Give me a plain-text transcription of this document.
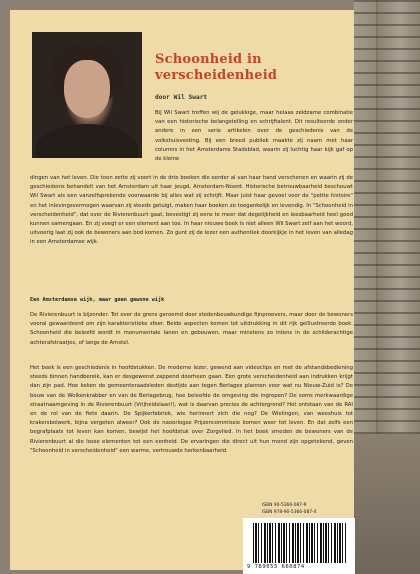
Schoonheid in
verscheidenheid
door Wil Swart

Bij Wil Swart treffen wij de gelukkige, maar helaas zeldzame combinatie van een historische belangstelling en schrijftalent. Dit resulteerde onder andere in een serie artikelen over de geschiedenis van de volkshuisvesting. Bij een breed publiek maakte zij naam met haar columns in het Amsterdams Stadsblad, waarin zij luchtig haar kijk gaf op de kleine

dingen van het leven. Die toon zette zij voort in de drie boeken die eerder al van haar hand verschenen en waarin zij de geschiedenis behandelt van het Amsterdam uit haar jeugd, Amsterdam-Noord. Historische betrouwbaarheid beschouwt Wil Swart als een vanzelfsprekende voorwaarde bij alles wat zij schrijft. Maar juist haar gevoel voor de "petite histoire" en het inlevingsvermogen waarvan zij steeds getuigt, maken haar boeken zo toegankelijk en levendig. In "Schoonheid in verscheidenheid", dat over de Rivierenbuurt gaat, bevestigt zij eens te meer dat degelijkheid en leesbaarheid heel goed kunnen samengaan. En zij voegt er een element aan toe. In haar nieuwe boek is niet alleen Wil Swart zelf aan het woord, uitvoerig laat zij ook de bewoners aan bod komen. Zo gunt zij de lezer een authentiek doorkijkje in het leven van alledag in een Amsterdamse wijk.

Een Amsterdamse wijk, maar geen gewone wijk

De Rivierenbuurt is bijzonder. Tot over de grens geroemd door stedenbouwkundige fijnproevers, maar door de bewoners vooral gewaardeerd om zijn karakteristieke sfeer. Beide aspecten komen tot uitdrukking in dit rijk geïllustreerde boek. Schoonheid die beleefd wordt in monumentale lanen en gebouwen, maar minstens zo intens in de schilderachtige achterafstraatjes, of langs de Amstel.

Het boek is een geschiedenis in hoofdstukken. De moderne lezer, gewend aan videoclips en met de afstandsbediening steeds binnen handbereik, kan er desgewenst zappend doorheen gaan. Een grote verscheidenheid aan indrukken krijgt dan zijn pad. Hoe keken de gemeenteraadsleden destijds aan tegen Berlages plannen voor wat nu Nieuw-Zuid is? De bouw van de Wolkenkrabber en van de Berlagebrug, hoe beleefde de omgeving die ingrepen? De soms merkwaardige straatnaamgeving in de Rivierenbuurt (Vrijheidslaan!), wat is daarvan precies de achtergrond? Het ontstaan van de RAI en de rol van de fiets daarin. De Spijkerfabriek, wie herinnert zich die nog? De Wielingen, van weeshuis tot krakersbolwerk, bijna vergeten alweer? Ook de naoorlogse Prijzencommissie komen weer tot leven. En dat zelfs een begrafplaats tot leven kan komen, bewijst het hoofdstuk over Zorgvlied. In het boek smeden de bewoners van de Rivierenbuurt al die losse elementen tot een eenheid. De ervaringen die direct uit hun mond zijn opgetekend, geven "Schoonheid in verscheidenheid" een warme, vertrouwde herkenbaarheid.

ISBN 90-5366-087-9
ISBN 978-90-5366-087-4
9 789053 660874
